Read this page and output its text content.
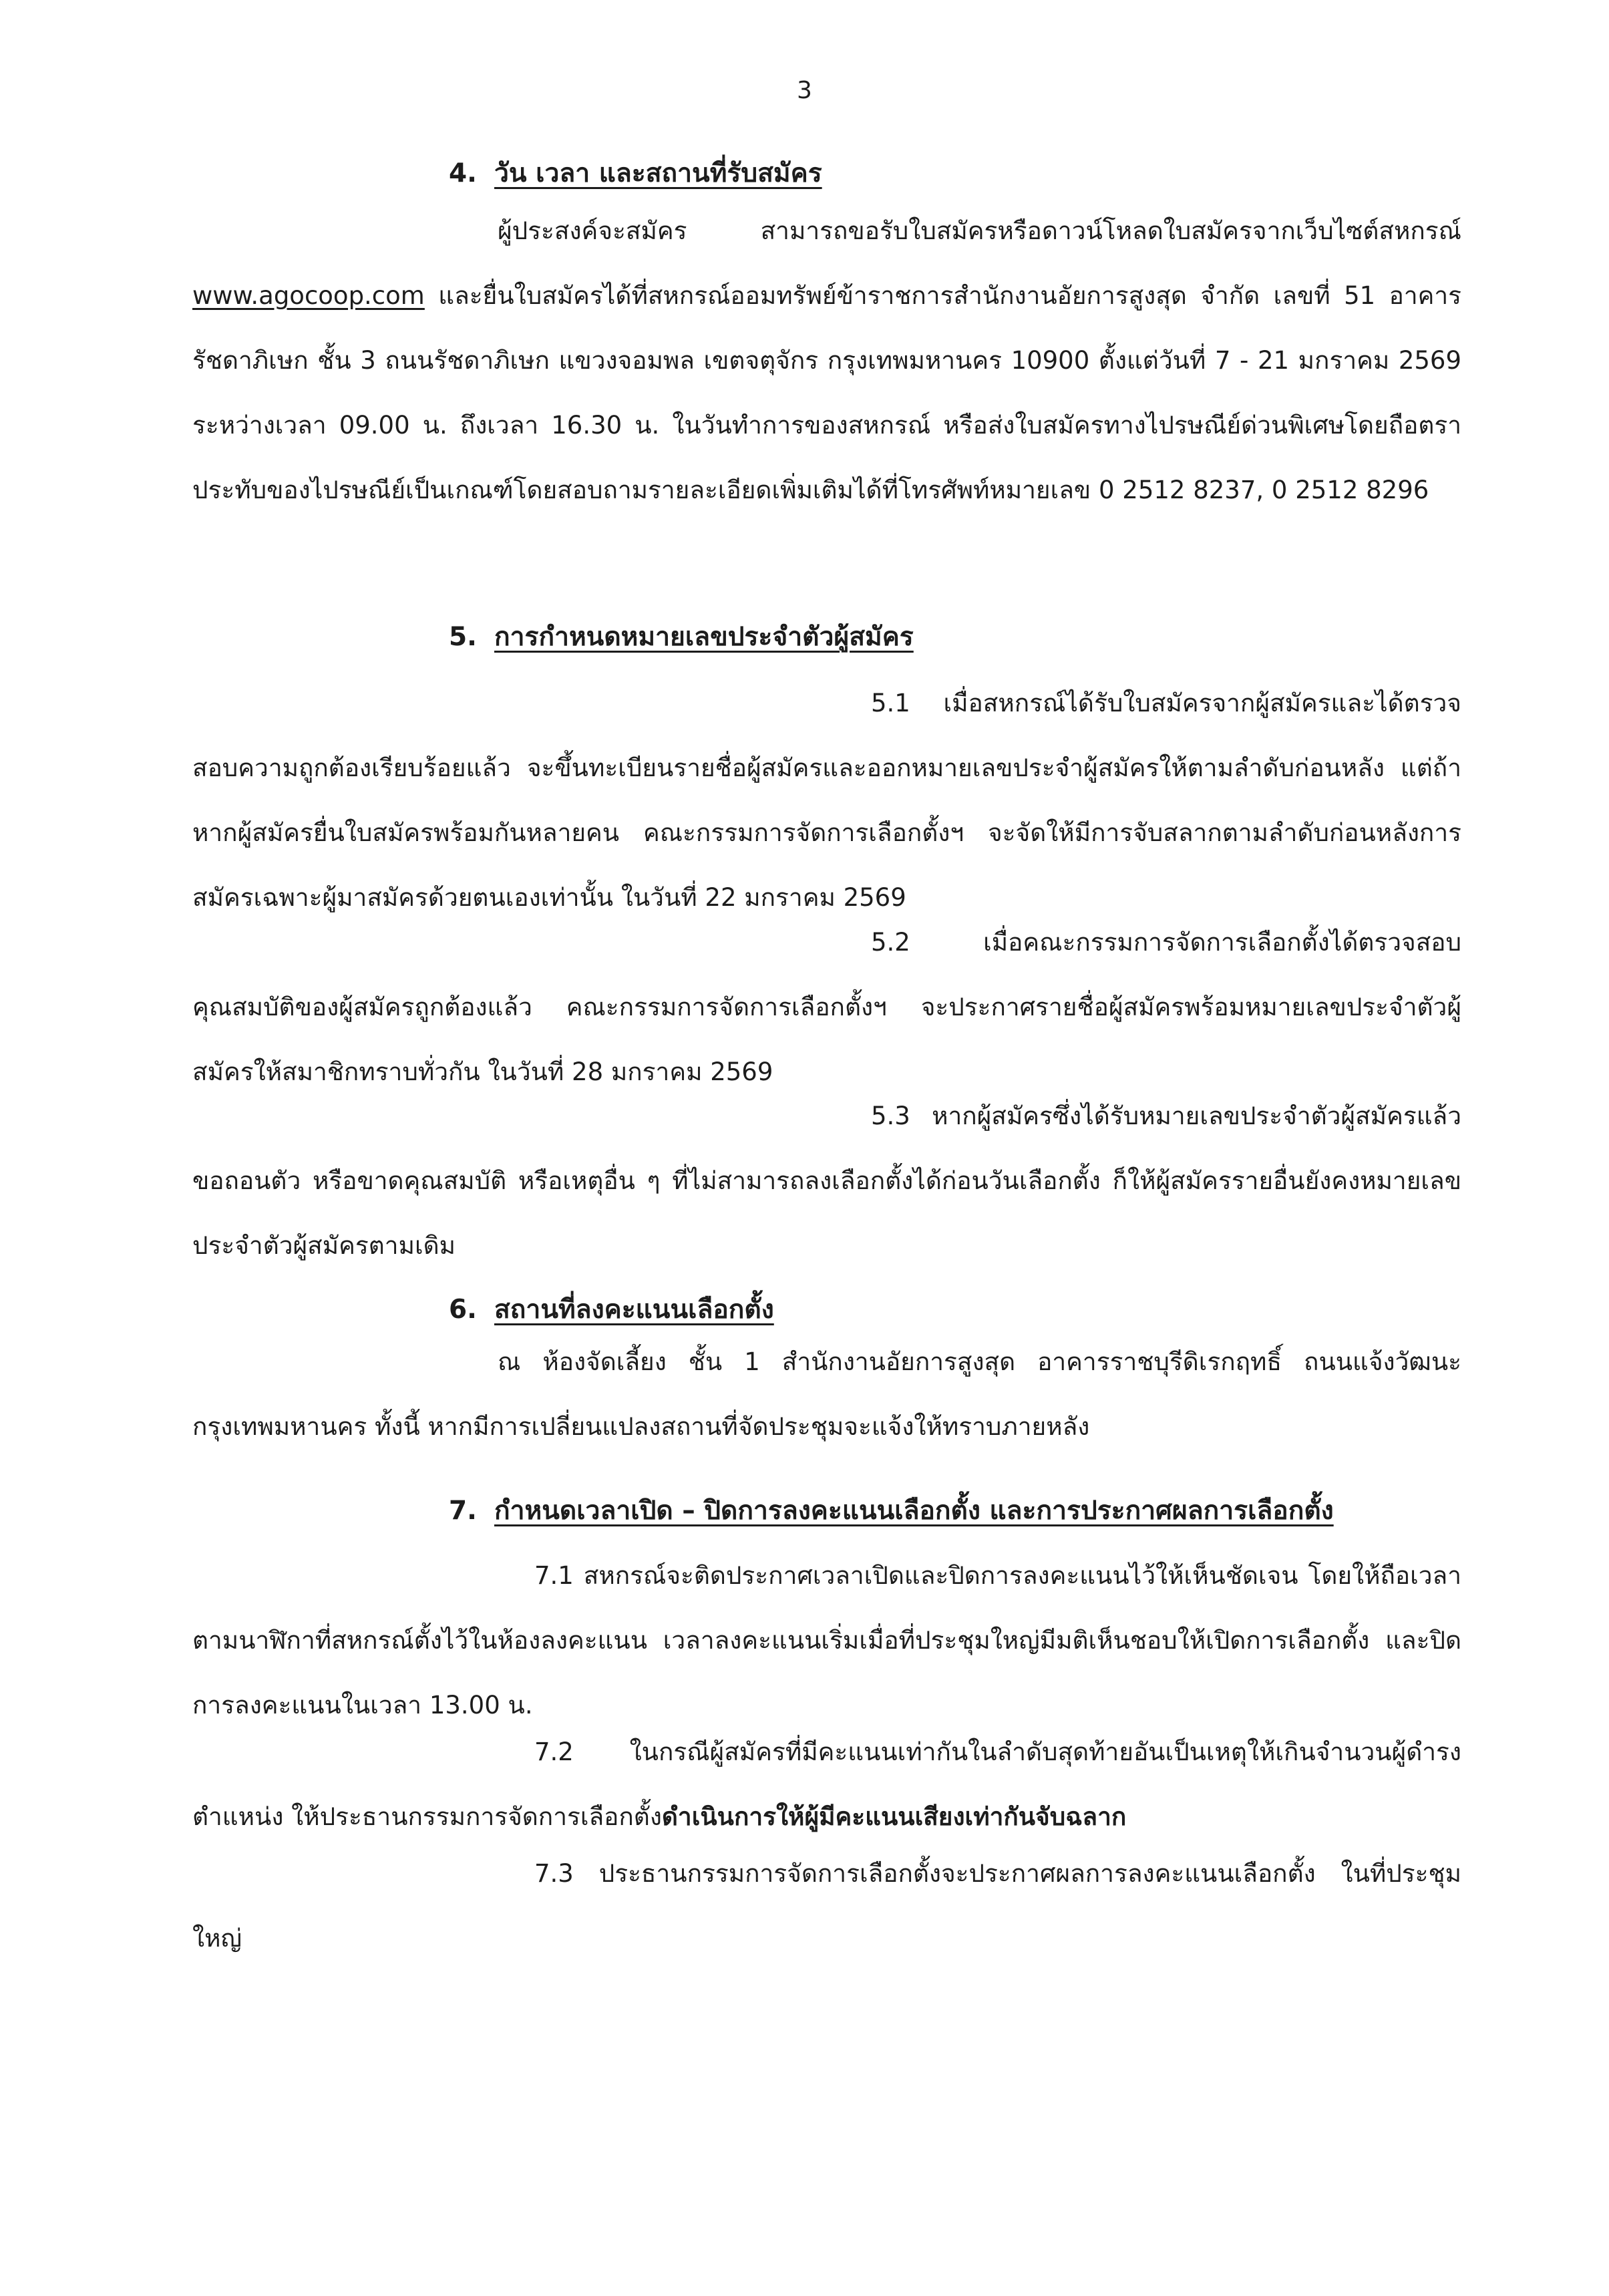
3
4. วัน เวลา และสถานที่รับสมัคร

ผู้ประสงค์จะสมัคร สามารถขอรับใบสมัครหรือดาวน์โหลดใบสมัครจากเว็บไซต์สหกรณ์ www.agocoop.com และยื่นใบสมัครได้ที่สหกรณ์ออมทรัพย์ข้าราชการสำนักงานอัยการสูงสุด จำกัด เลขที่ 51 อาคารรัชดาภิเษก ชั้น 3 ถนนรัชดาภิเษก แขวงจอมพล เขตจตุจักร กรุงเทพมหานคร 10900 ตั้งแต่วันที่ 7 - 21 มกราคม 2569 ระหว่างเวลา 09.00 น. ถึงเวลา 16.30 น. ในวันทำการของสหกรณ์ หรือส่งใบสมัครทางไปรษณีย์ด่วนพิเศษโดยถือตราประทับของไปรษณีย์เป็นเกณฑ์โดยสอบถามรายละเอียดเพิ่มเติมได้ที่โทรศัพท์หมายเลข 0 2512 8237, 0 2512 8296

5. การกำหนดหมายเลขประจำตัวผู้สมัคร

5.1 เมื่อสหกรณ์ได้รับใบสมัครจากผู้สมัครและได้ตรวจสอบความถูกต้องเรียบร้อยแล้ว จะขึ้นทะเบียนรายชื่อผู้สมัครและออกหมายเลขประจำผู้สมัครให้ตามลำดับก่อนหลัง แต่ถ้าหากผู้สมัครยื่นใบสมัครพร้อมกันหลายคน คณะกรรมการจัดการเลือกตั้งฯ จะจัดให้มีการจับสลากตามลำดับก่อนหลังการสมัครเฉพาะผู้มาสมัครด้วยตนเองเท่านั้น ในวันที่ 22 มกราคม 2569

5.2	เมื่อคณะกรรมการจัดการเลือกตั้งได้ตรวจสอบคุณสมบัติของผู้สมัครถูกต้องแล้ว คณะกรรมการจัดการเลือกตั้งฯ จะประกาศรายชื่อผู้สมัครพร้อมหมายเลขประจำตัวผู้สมัครให้สมาชิกทราบทั่วกัน ในวันที่ 28 มกราคม 2569

5.3 หากผู้สมัครซึ่งได้รับหมายเลขประจำตัวผู้สมัครแล้วขอถอนตัว หรือขาดคุณสมบัติ หรือเหตุอื่น ๆ ที่ไม่สามารถลงเลือกตั้งได้ก่อนวันเลือกตั้ง ก็ให้ผู้สมัครรายอื่นยังคงหมายเลขประจำตัวผู้สมัครตามเดิม

6. สถานที่ลงคะแนนเลือกตั้ง

ณ ห้องจัดเลี้ยง ชั้น 1 สำนักงานอัยการสูงสุด อาคารราชบุรีดิเรกฤทธิ์ ถนนแจ้งวัฒนะ กรุงเทพมหานคร ทั้งนี้ หากมีการเปลี่ยนแปลงสถานที่จัดประชุมจะแจ้งให้ทราบภายหลัง

7. กำหนดเวลาเปิด – ปิดการลงคะแนนเลือกตั้ง และการประกาศผลการเลือกตั้ง

7.1 สหกรณ์จะติดประกาศเวลาเปิดและปิดการลงคะแนนไว้ให้เห็นชัดเจน โดยให้ถือเวลาตามนาฬิกาที่สหกรณ์ตั้งไว้ในห้องลงคะแนน เวลาลงคะแนนเริ่มเมื่อที่ประชุมใหญ่มีมติเห็นชอบให้เปิดการเลือกตั้ง และปิดการลงคะแนนในเวลา 13.00 น.

7.2 ในกรณีผู้สมัครที่มีคะแนนเท่ากันในลำดับสุดท้ายอันเป็นเหตุให้เกินจำนวนผู้ดำรงตำแหน่ง ให้ประธานกรรมการจัดการเลือกตั้งดำเนินการให้ผู้มีคะแนนเสียงเท่ากันจับฉลาก

7.3 ประธานกรรมการจัดการเลือกตั้งจะประกาศผลการลงคะแนนเลือกตั้ง ในที่ประชุมใหญ่
